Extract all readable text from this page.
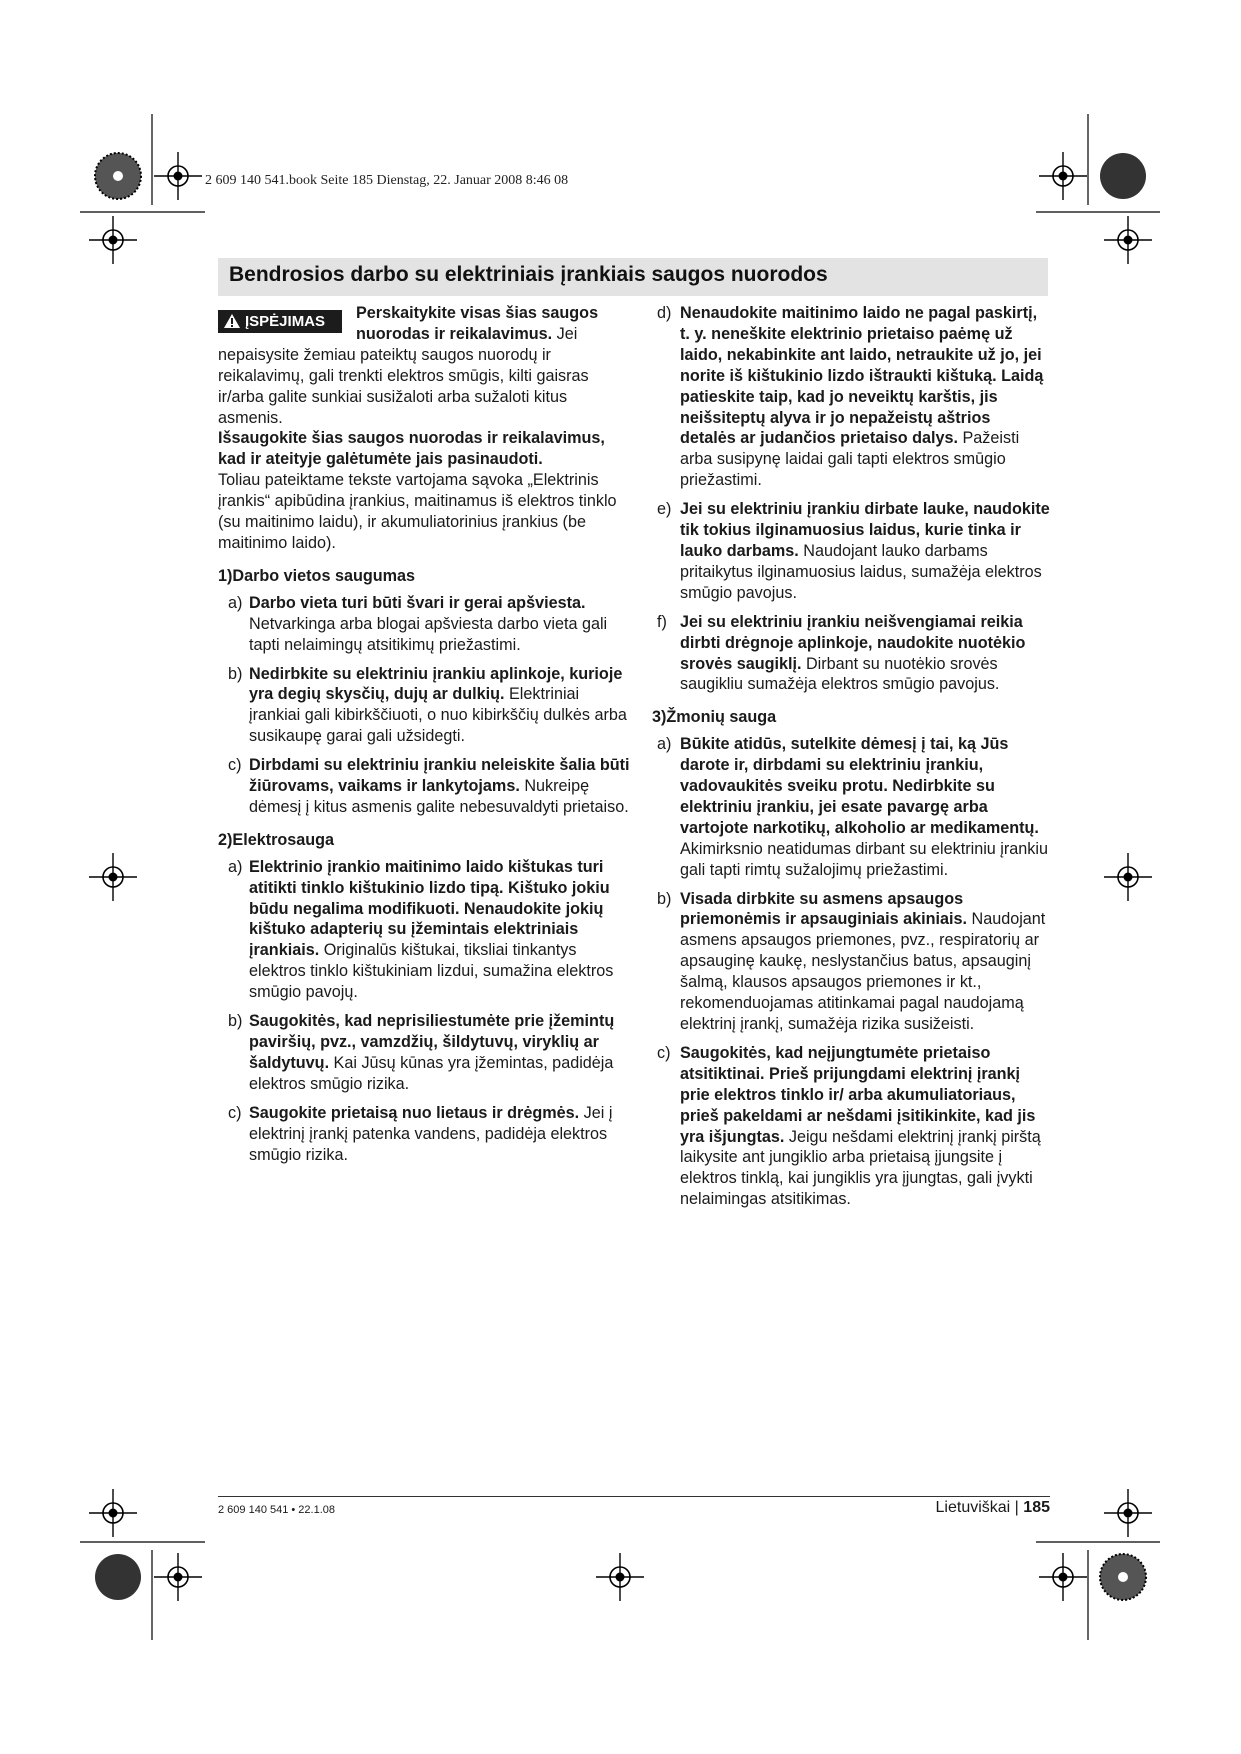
2 609 140 541.book Seite 185 Dienstag, 22. Januar 2008 8:46 08
Bendrosios darbo su elektriniais įrankiais saugos nuorodos

ĮSPĖJIMAS Perskaitykite visas šias saugos nuorodas ir reikalavimus. Jei nepaisysite žemiau pateiktų saugos nuorodų ir reikalavimų, gali trenkti elektros smūgis, kilti gaisras ir/arba galite sunkiai susižaloti arba sužaloti kitus asmenis.

Išsaugokite šias saugos nuorodas ir reikalavimus, kad ir ateityje galėtumėte jais pasinaudoti.

Toliau pateiktame tekste vartojama sąvoka „Elektrinis įrankis“ apibūdina įrankius, maitinamus iš elektros tinklo (su maitinimo laidu), ir akumuliatorinius įrankius (be maitinimo laido).

1)Darbo vietos saugumas

a) Darbo vieta turi būti švari ir gerai apšviesta. Netvarkinga arba blogai apšviesta darbo vieta gali tapti nelaimingų atsitikimų priežastimi.

b) Nedirbkite su elektriniu įrankiu aplinkoje, kurioje yra degių skysčių, dujų ar dulkių. Elektriniai įrankiai gali kibirkščiuoti, o nuo kibirkščių dulkės arba susikaupę garai gali užsidegti.

c) Dirbdami su elektriniu įrankiu neleiskite šalia būti žiūrovams, vaikams ir lankytojams. Nukreipę dėmesį į kitus asmenis galite nebesuvaldyti prietaiso.

2)Elektrosauga

a) Elektrinio įrankio maitinimo laido kištukas turi atitikti tinklo kištukinio lizdo tipą. Kištuko jokiu būdu negalima modifikuoti. Nenaudokite jokių kištuko adapterių su įžemintais elektriniais įrankiais. Originalūs kištukai, tiksliai tinkantys elektros tinklo kištukiniam lizdui, sumažina elektros smūgio pavojų.

b) Saugokitės, kad neprisiliestumėte prie įžemintų paviršių, pvz., vamzdžių, šildytuvų, viryklių ar šaldytuvų. Kai Jūsų kūnas yra įžemintas, padidėja elektros smūgio rizika.

c) Saugokite prietaisą nuo lietaus ir drėgmės. Jei į elektrinį įrankį patenka vandens, padidėja elektros smūgio rizika.

d) Nenaudokite maitinimo laido ne pagal paskirtį, t. y. neneškite elektrinio prietaiso paėmę už laido, nekabinkite ant laido, netraukite už jo, jei norite iš kištukinio lizdo ištraukti kištuką. Laidą patieskite taip, kad jo neveiktų karštis, jis neišsiteptų alyva ir jo nepažeistų aštrios detalės ar judančios prietaiso dalys. Pažeisti arba susipynę laidai gali tapti elektros smūgio priežastimi.

e) Jei su elektriniu įrankiu dirbate lauke, naudokite tik tokius ilginamuosius laidus, kurie tinka ir lauko darbams. Naudojant lauko darbams pritaikytus ilginamuosius laidus, sumažėja elektros smūgio pavojus.

f) Jei su elektriniu įrankiu neišvengiamai reikia dirbti drėgnoje aplinkoje, naudokite nuotėkio srovės saugiklį. Dirbant su nuotėkio srovės saugikliu sumažėja elektros smūgio pavojus.

3)Žmonių sauga

a) Būkite atidūs, sutelkite dėmesį į tai, ką Jūs darote ir, dirbdami su elektriniu įrankiu, vadovaukitės sveiku protu. Nedirbkite su elektriniu įrankiu, jei esate pavargę arba vartojote narkotikų, alkoholio ar medikamentų. Akimirksnio neatidumas dirbant su elektriniu įrankiu gali tapti rimtų sužalojimų priežastimi.

b) Visada dirbkite su asmens apsaugos priemonėmis ir apsauginiais akiniais. Naudojant asmens apsaugos priemones, pvz., respiratorių ar apsauginę kaukę, neslystančius batus, apsauginį šalmą, klausos apsaugos priemones ir kt., rekomenduojamas atitinkamai pagal naudojamą elektrinį įrankį, sumažėja rizika susižeisti.

c) Saugokitės, kad neįjungtumėte prietaiso atsitiktinai. Prieš prijungdami elektrinį įrankį prie elektros tinklo ir/ arba akumuliatoriaus, prieš pakeldami ar nešdami įsitikinkite, kad jis yra išjungtas. Jeigu nešdami elektrinį įrankį pirštą laikysite ant jungiklio arba prietaisą įjungsite į elektros tinklą, kai jungiklis yra įjungtas, gali įvykti nelaimingas atsitikimas.

2 609 140 541 • 22.1.08	Lietuviškai | 185
